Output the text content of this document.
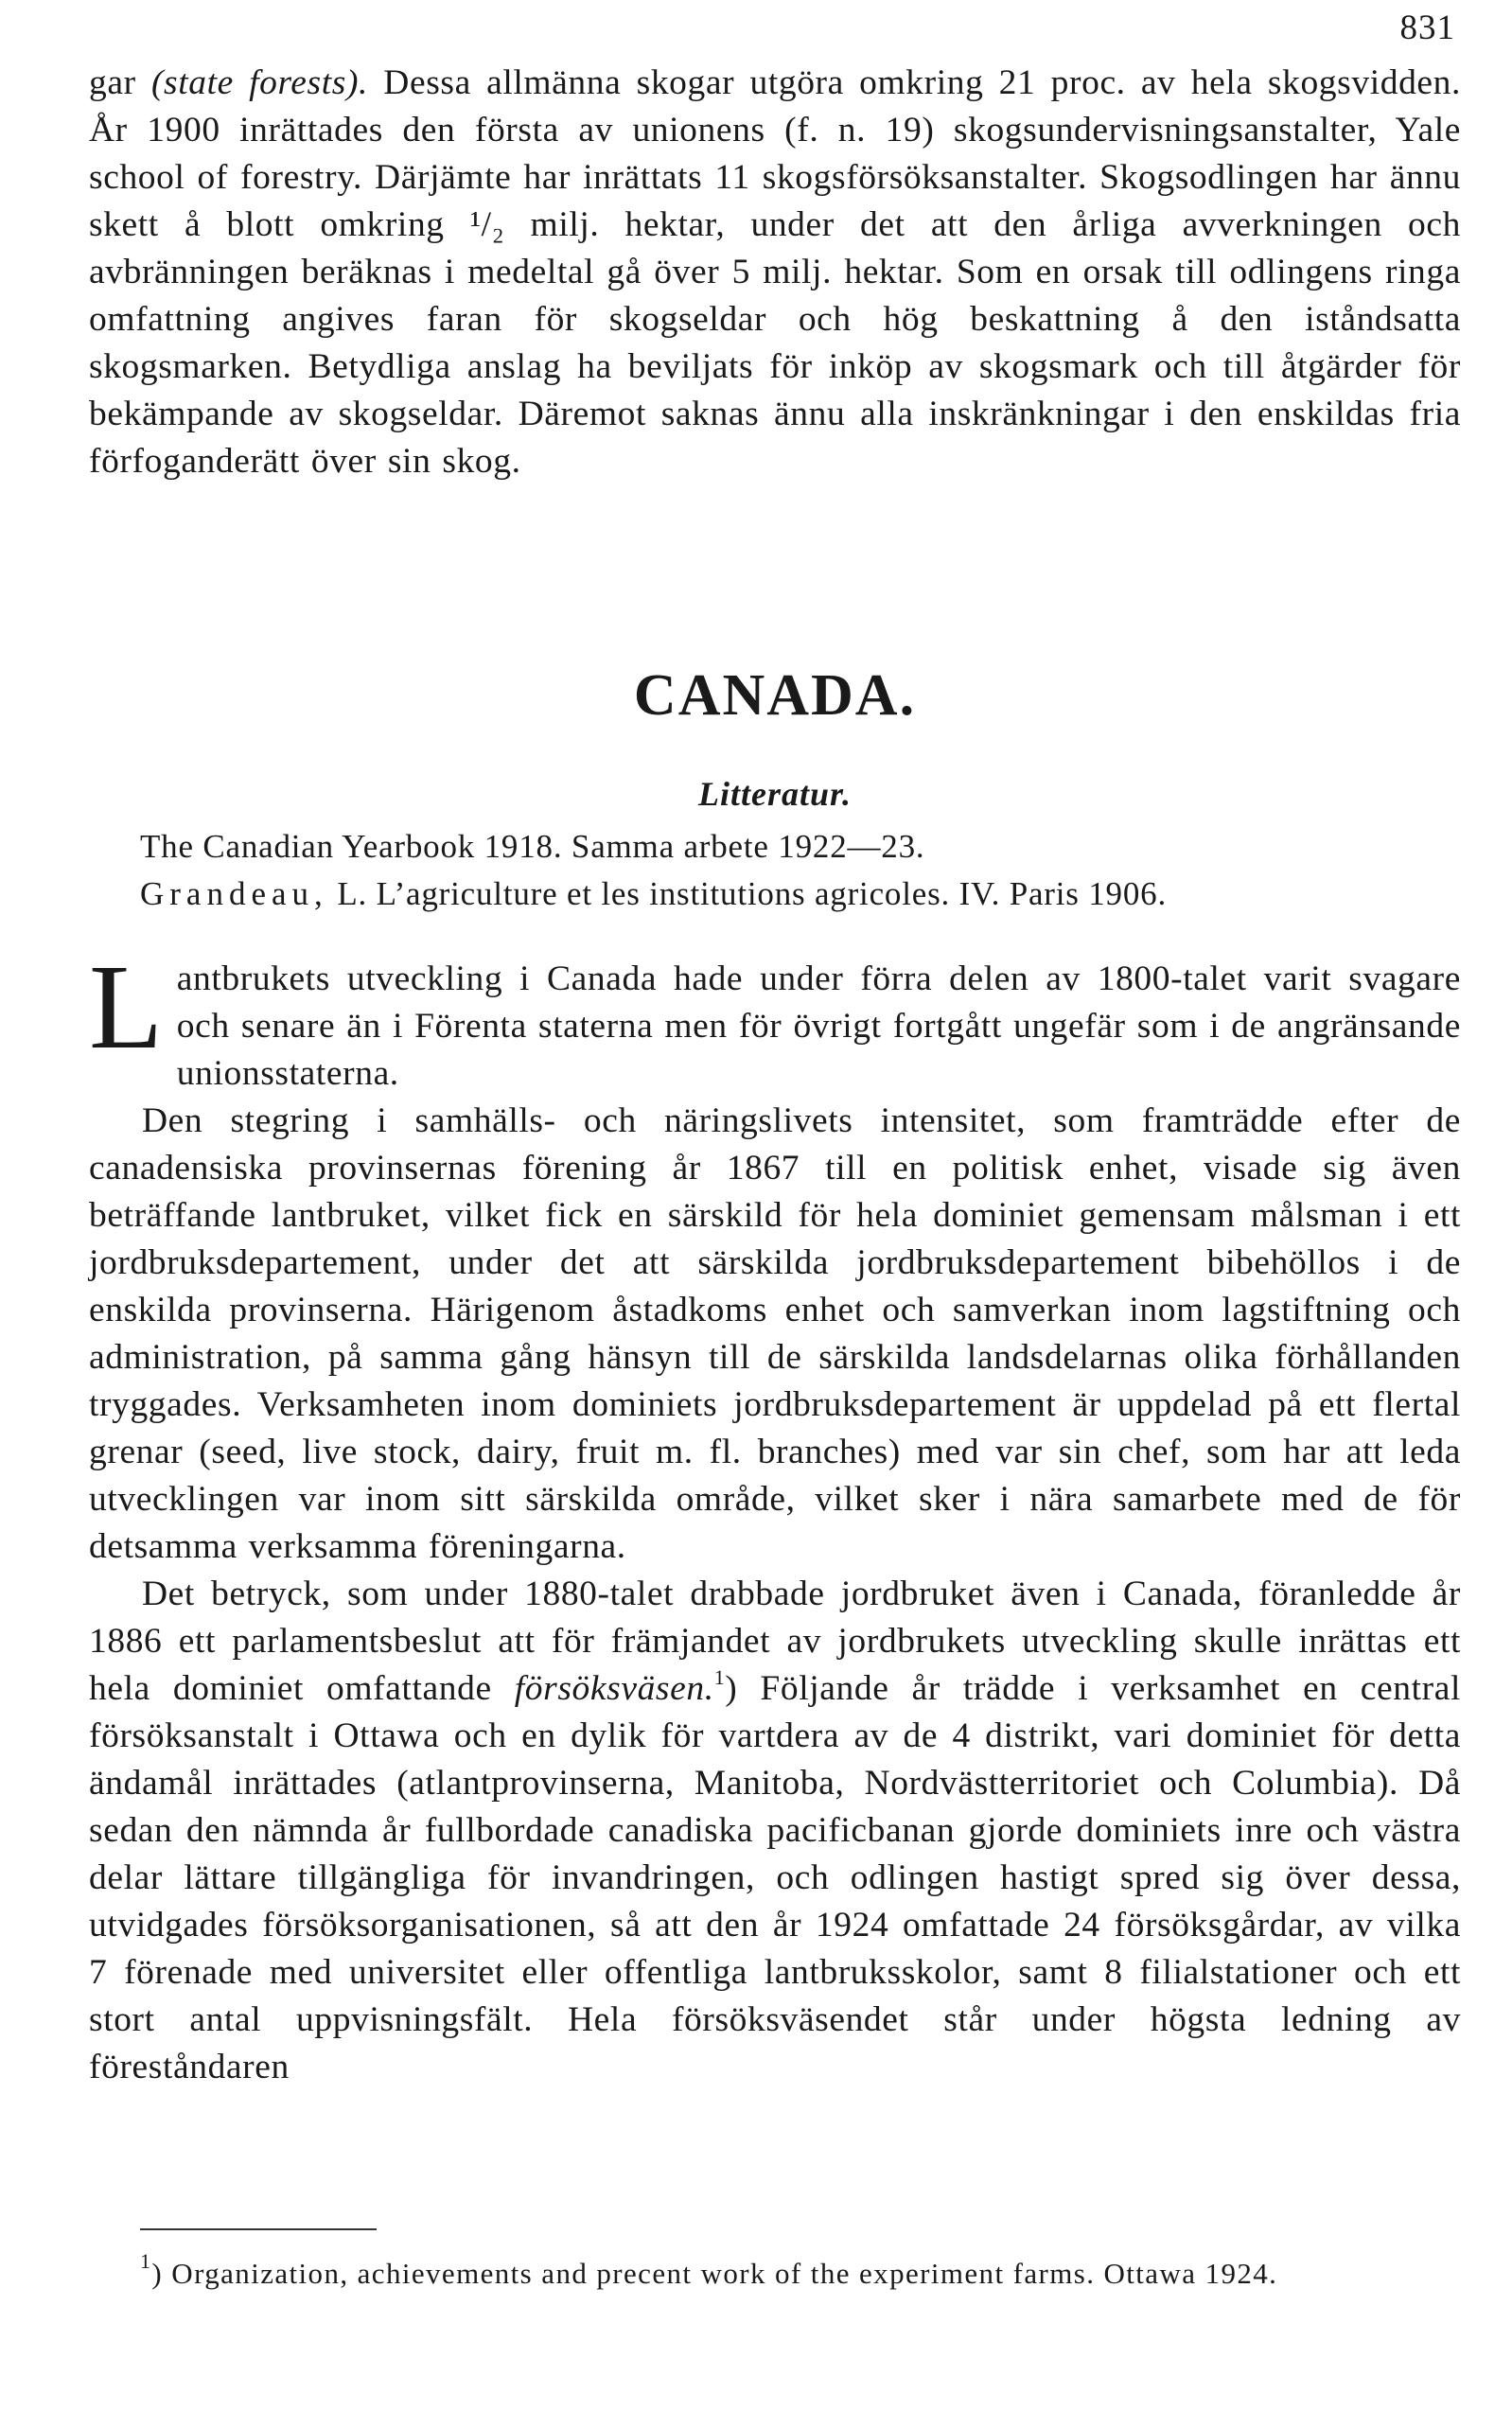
831

gar (state forests). Dessa allmänna skogar utgöra omkring 21 proc. av hela skogsvidden. År 1900 inrättades den första av unionens (f. n. 19) skogsundervisningsanstalter, Yale school of forestry. Därjämte har inrättats 11 skogsförsöksanstalter. Skogsodlingen har ännu skett å blott omkring ¹/₂ milj. hektar, under det att den årliga avverkningen och avbränningen beräknas i medeltal gå över 5 milj. hektar. Som en orsak till odlingens ringa omfattning angives faran för skogseldar och hög beskattning å den iståndsatta skogsmarken. Betydliga anslag ha beviljats för inköp av skogsmark och till åtgärder för bekämpande av skogseldar. Däremot saknas ännu alla inskränkningar i den enskildas fria förfoganderätt över sin skog.

CANADA.
Litteratur.
The Canadian Yearbook 1918. Samma arbete 1922—23.
Grandeau, L. L’agriculture et les institutions agricoles. IV. Paris 1906.

Lantbrukets utveckling i Canada hade under förra delen av 1800-talet varit svagare och senare än i Förenta staterna men för övrigt fortgått ungefär som i de angränsande unionsstaterna.

Den stegring i samhälls- och näringslivets intensitet, som framträdde efter de canadensiska provinsernas förening år 1867 till en politisk enhet, visade sig även beträffande lantbruket, vilket fick en särskild för hela dominiet gemensam målsman i ett jordbruksdepartement, under det att särskilda jordbruksdepartement bibehöllos i de enskilda provinserna. Härigenom åstadkoms enhet och samverkan inom lagstiftning och administration, på samma gång hänsyn till de särskilda landsdelarnas olika förhållanden tryggades. Verksamheten inom dominiets jordbruksdepartement är uppdelad på ett flertal grenar (seed, live stock, dairy, fruit m. fl. branches) med var sin chef, som har att leda utvecklingen var inom sitt särskilda område, vilket sker i nära samarbete med de för detsamma verksamma föreningarna.

Det betryck, som under 1880-talet drabbade jordbruket även i Canada, föranledde år 1886 ett parlamentsbeslut att för främjandet av jordbrukets utveckling skulle inrättas ett hela dominiet omfattande försöksväsen.$^1$) Följande år trädde i verksamhet en central försöksanstalt i Ottawa och en dylik för vartdera av de 4 distrikt, vari dominiet för detta ändamål inrättades (atlantprovinserna, Manitoba, Nordvästterritoriet och Columbia). Då sedan den nämnda år fullbordade canadiska pacificbanan gjorde dominiets inre och västra delar lättare tillgängliga för invandringen, och odlingen hastigt spred sig över dessa, utvidgades försöksorganisationen, så att den år 1924 omfattade 24 försöksgårdar, av vilka 7 förenade med universitet eller offentliga lantbruksskolor, samt 8 filialstationer och ett stort antal uppvisningsfält. Hela försöksväsendet står under högsta ledning av föreståndaren

$^1$) Organization, achievements and precent work of the experiment farms. Ottawa 1924.
